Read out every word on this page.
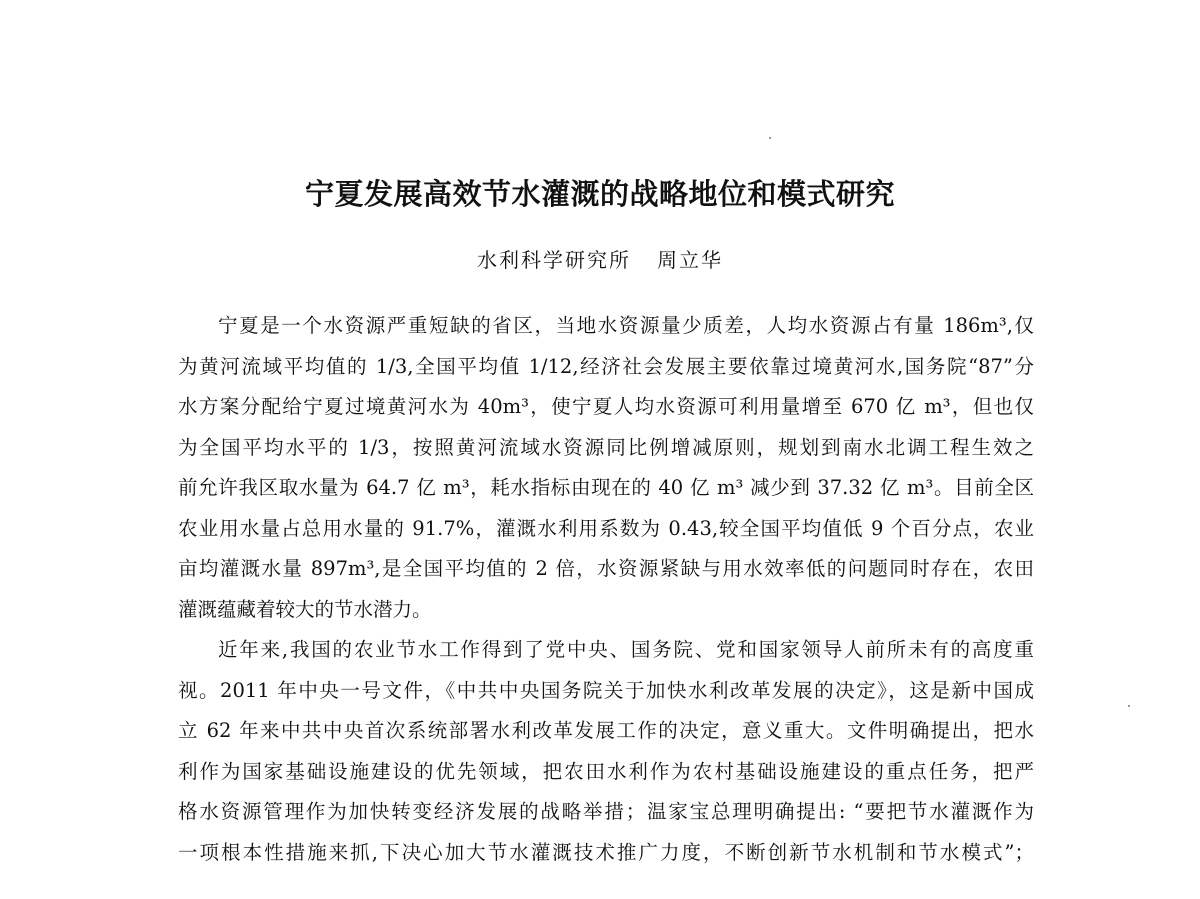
宁夏发展高效节水灌溉的战略地位和模式研究
水利科学研究所 周立华
宁夏是一个水资源严重短缺的省区，当地水资源量少质差，人均水资源占有量 186m³,仅
为黄河流域平均值的 1/3,全国平均值 1/12,经济社会发展主要依靠过境黄河水,国务院“87”分
水方案分配给宁夏过境黄河水为 40m³，使宁夏人均水资源可利用量增至 670 亿 m³，但也仅
为全国平均水平的 1/3，按照黄河流域水资源同比例增减原则，规划到南水北调工程生效之
前允许我区取水量为 64.7 亿 m³，耗水指标由现在的 40 亿 m³ 减少到 37.32 亿 m³。目前全区
农业用水量占总用水量的 91.7%，灌溉水利用系数为 0.43,较全国平均值低 9 个百分点，农业
亩均灌溉水量 897m³,是全国平均值的 2 倍，水资源紧缺与用水效率低的问题同时存在，农田
灌溉蕴藏着较大的节水潜力。
近年来,我国的农业节水工作得到了党中央、国务院、党和国家领导人前所未有的高度重
视。2011 年中央一号文件，《中共中央国务院关于加快水利改革发展的决定》，这是新中国成
立 62 年来中共中央首次系统部署水利改革发展工作的决定，意义重大。文件明确提出，把水
利作为国家基础设施建设的优先领域，把农田水利作为农村基础设施建设的重点任务，把严
格水资源管理作为加快转变经济发展的战略举措；温家宝总理明确提出: “要把节水灌溉作为
一项根本性措施来抓,下决心加大节水灌溉技术推广力度，不断创新节水机制和节水模式”；
